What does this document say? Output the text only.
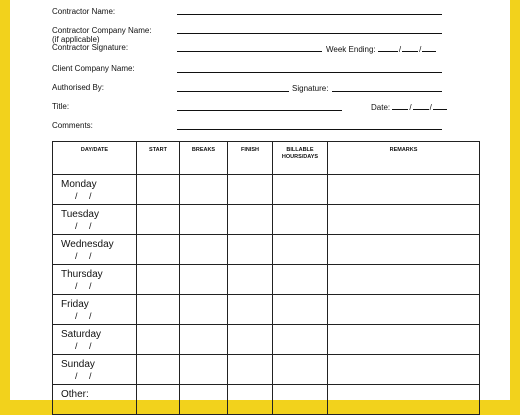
Contractor Name:
Contractor Company Name:
(if applicable)
Contractor Signature:	Week Ending:	/ /
Client Company Name:
Authorised By:	Signature:
Title:	Date: / /
Comments:
DAY/DATE	START	BREAKS	FINISH	BILLABLE HOURS/DAYS	REMARKS

Monday
/ /					

Tuesday
/ /					

Wednesday
/ /					

Thursday
/ /					

Friday
/ /					

Saturday
/ /					

Sunday
/ /					

Other:					
